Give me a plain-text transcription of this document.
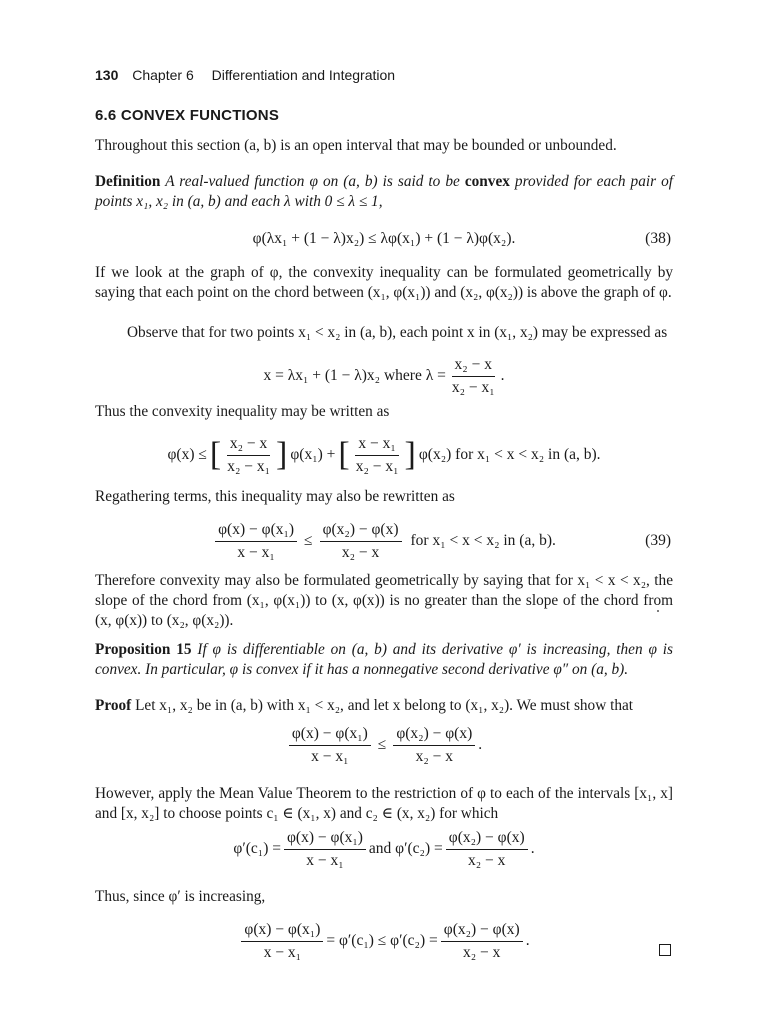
130 Chapter 6 Differentiation and Integration
6.6 CONVEX FUNCTIONS
Throughout this section (a, b) is an open interval that may be bounded or unbounded.
Definition A real-valued function φ on (a, b) is said to be convex provided for each pair of points x₁, x₂ in (a, b) and each λ with 0 ≤ λ ≤ 1,
φ(λx₁ + (1 − λ)x₂) ≤ λφ(x₁) + (1 − λ)φ(x₂).	(38)
If we look at the graph of φ, the convexity inequality can be formulated geometrically by saying that each point on the chord between (x₁, φ(x₁)) and (x₂, φ(x₂)) is above the graph of φ.
Observe that for two points x₁ < x₂ in (a, b), each point x in (x₁, x₂) may be expressed as
x = λx₁ + (1 − λ)x₂ where $\lambda = \frac{\text{x₂ − x}}{\text{x₂ − x₁}}$ .
Thus the convexity inequality may be written as
φ(x) ≤ [ $\frac{\text{x₂ − x}}{\text{x₂ − x₁}}$ ] φ(x₁) + [ $\frac{\text{x − x₁}}{\text{x₂ − x₁}}$ ] φ(x₂) for x₁ < x < x₂ in (a, b).
Regathering terms, this inequality may also be rewritten as
$\frac{\text{φ(x) − φ(x₁)}}{\text{x − x₁}} \le \frac{\text{φ(x₂) − φ(x)}}{\text{x₂ − x}}$ for x₁ < x < x₂ in (a, b).	(39)
Therefore convexity may also be formulated geometrically by saying that for x₁ < x < x₂, the slope of the chord from (x₁, φ(x₁)) to (x, φ(x)) is no greater than the slope of the chord from (x, φ(x)) to (x₂, φ(x₂)).
Proposition 15 If φ is differentiable on (a, b) and its derivative φ′ is increasing, then φ is convex. In particular, φ is convex if it has a nonnegative second derivative φ″ on (a, b).
Proof Let x₁, x₂ be in (a, b) with x₁ < x₂, and let x belong to (x₁, x₂). We must show that
$\frac{\text{φ(x) − φ(x₁)}}{\text{x − x₁}} \le \frac{\text{φ(x₂) − φ(x)}}{\text{x₂ − x}}$ .
However, apply the Mean Value Theorem to the restriction of φ to each of the intervals [x₁, x] and [x, x₂] to choose points c₁ ∈ (x₁, x) and c₂ ∈ (x, x₂) for which
$\varphi'(c_1) = \frac{\text{φ(x) − φ(x₁)}}{\text{x − x₁}}$ and $\varphi'(c_2) = \frac{\text{φ(x₂) − φ(x)}}{\text{x₂ − x}}$ .
Thus, since φ′ is increasing,
$\frac{\text{φ(x) − φ(x₁)}}{\text{x − x₁}} = \varphi'(c_1) \le \varphi'(c_2) = \frac{\text{φ(x₂) − φ(x)}}{\text{x₂ − x}}$ .
